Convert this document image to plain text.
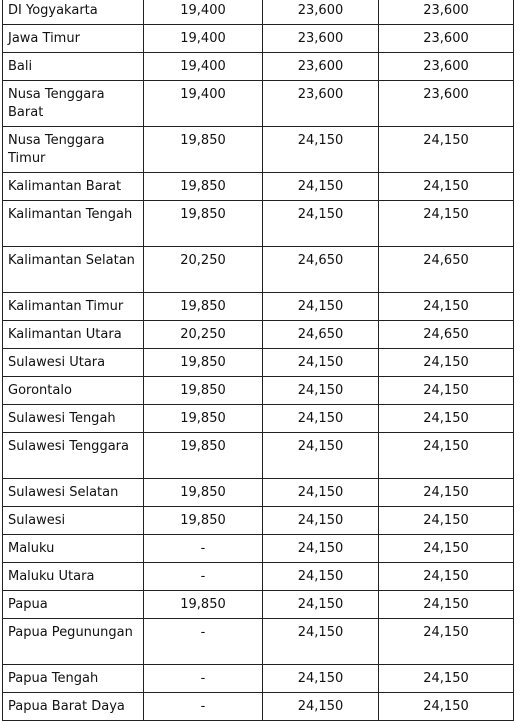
DI Yogyakarta	19,400	23,600	23,600
Jawa Timur	19,400	23,600	23,600
Bali	19,400	23,600	23,600
Nusa Tenggara Barat	19,400	23,600	23,600
Nusa Tenggara Timur	19,850	24,150	24,150
Kalimantan Barat	19,850	24,150	24,150
Kalimantan Tengah	19,850	24,150	24,150
Kalimantan Selatan	20,250	24,650	24,650
Kalimantan Timur	19,850	24,150	24,150
Kalimantan Utara	20,250	24,650	24,650
Sulawesi Utara	19,850	24,150	24,150
Gorontalo	19,850	24,150	24,150
Sulawesi Tengah	19,850	24,150	24,150
Sulawesi Tenggara	19,850	24,150	24,150
Sulawesi Selatan	19,850	24,150	24,150
Sulawesi	19,850	24,150	24,150
Maluku	-	24,150	24,150
Maluku Utara	-	24,150	24,150
Papua	19,850	24,150	24,150
Papua Pegunungan	-	24,150	24,150
Papua Tengah	-	24,150	24,150
Papua Barat Daya	-	24,150	24,150
